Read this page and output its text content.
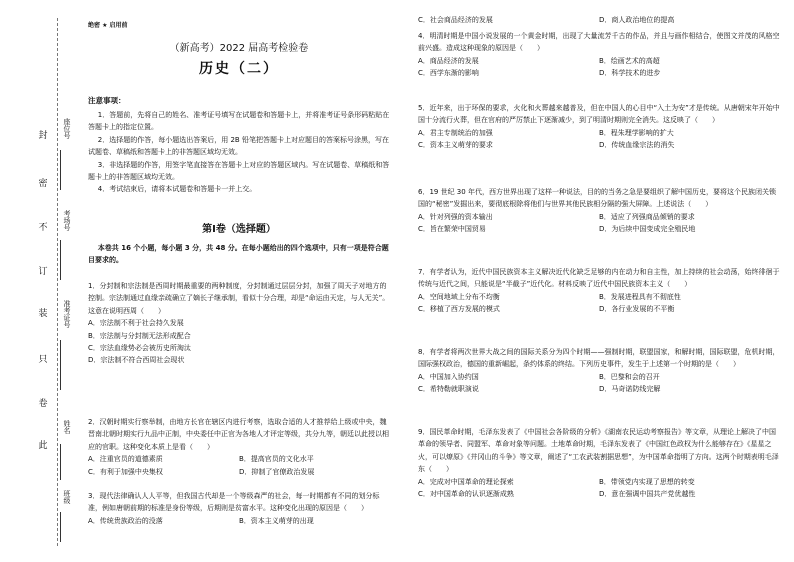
封
密
不
订
装
只
卷
此
座位号
考场号
准考证号
姓名
班级
绝密 ★ 启用前
（新高考）2022 届高考检验卷
历史（二）
注意事项：

1．答题前，先将自己的姓名、准考证号填写在试题卷和答题卡上，并将准考证号条形码粘贴在答题卡上的指定位置。

2．选择题的作答，每小题选出答案后，用 2B 铅笔把答题卡上对应题目的答案标号涂黑，写在试题卷、草稿纸和答题卡上的非答题区域均无效。

3．非选择题的作答，用签字笔直接答在答题卡上对应的答题区域内。写在试题卷、草稿纸和答题卡上的非答题区域均无效。

4．考试结束后，请将本试题卷和答题卡一并上交。

第Ⅰ卷（选择题）
本卷共 16 个小题，每小题 3 分，共 48 分。在每小题给出的四个选项中，只有一项是符合题目要求的。

1．分封制和宗法制是西周时期最重要的两种制度，分封制通过层层分封，加强了周天子对地方的控制。宗法制通过血缘亲疏确立了嫡长子继承制，看似十分合理，却是“命运由天定，与人无关”。这意在说明西周（　　）

A．宗法制不利于社会持久发展
B．宗法制与分封制无法形成配合
C．宗法血缘势必会被历史所淘汰
D．宗法制不符合西周社会现状

2．汉朝时期实行察举制，由地方长官在辖区内进行考察，选取合适的人才推荐给上级或中央，魏晋南北朝时期实行九品中正制，中央委任中正官为各地人才评定等级，共分九等，朝廷以此授以相应的官职。这种变化本质上是看（　　）

A．注重官员的道德素质	B．提高官员的文化水平
C．有利于加强中央集权	D．抑制了官僚政治发展

3．现代法律确认人人平等，但我国古代却是一个等级森严的社会，每一时期都有不同的划分标准，例如唐朝前期的标准是身份等级，后期则是贫富水平。这种变化出现的原因是（　　）

A．传统贵族政治的没落	B．资本主义萌芽的出现
C．社会商品经济的发展	D．商人政治地位的提高

4．明清时期是中国小说发展的一个黄金时期，出现了大量流芳千古的作品，并且与画作相结合，使图文并茂的风格空前兴盛。造成这种现象的原因是（　　）

A．商品经济的发展	B．绘画艺术的高超
C．西学东渐的影响	D．科学技术的进步

5．近年来，出于环保的要求，火化和火葬越来越普及，但在中国人的心目中“入土为安”才是传统。从唐朝宋年开始中国十分流行火葬，但在官府的严厉禁止下逐渐减少，到了明清时期则完全消失。这反映了（　　）

A．君主专制统治的加强	B．程朱理学影响的扩大
C．资本主义萌芽的要求	D．传统血缘宗法的消失

6．19 世纪 30 年代，西方世界出现了这样一种说法，目的的当务之急是要组织了解中国历史，要将这个民族闭关锁国的“秘密”发掘出来，要彻底根除将他们与世界其他民族相分隔的强大屏障。上述说法（　　）

A．针对列强的资本输出	B．适应了列强商品倾销的要求
C．旨在繁荣中国贸易	D．为后续中国变成完全殖民地

7．有学者认为，近代中国民族资本主义解决近代化缺乏足够的内在动力和自主性，加上持续的社会动荡，始终徘徊于传统与近代之间，只能说是“半截子”近代化。材料反映了近代中国民族资本主义（　　）

A．空间地域上分布不均衡	B．发展进程具有不彻底性
C．移植了西方发展的模式	D．各行业发展的不平衡

8．有学者将两次世界大战之间的国际关系分为四个时期——强制时期，联盟国家，和解时期，国际联盟，危机时期，国际强权政治，德国的重新崛起，条约体系的终结。下列历史事件，发生于上述第一个时期的是（　　）

A．中国加入协约国	B．巴黎和会的召开
C．希特勒就职演说	D．马奇诺防线完解

9．国民革命时期，毛泽东发表了《中国社会各阶级的分析》《湖南农民运动考察报告》等文章，从理论上解决了中国革命的领导者、同盟军、革命对象等问题。土地革命时期，毛泽东发表了《中国红色政权为什么能够存在》《星星之火，可以燎原》《井冈山的斗争》等文章，阐述了“工农武装割据思想”，为中国革命指明了方向。这两个时期表明毛泽东（　　）

A．完成对中国革命的理论探索	B．带领党内实现了思想的转变
C．对中国革命的认识逐渐成熟	D．意在强调中国共产党优越性
